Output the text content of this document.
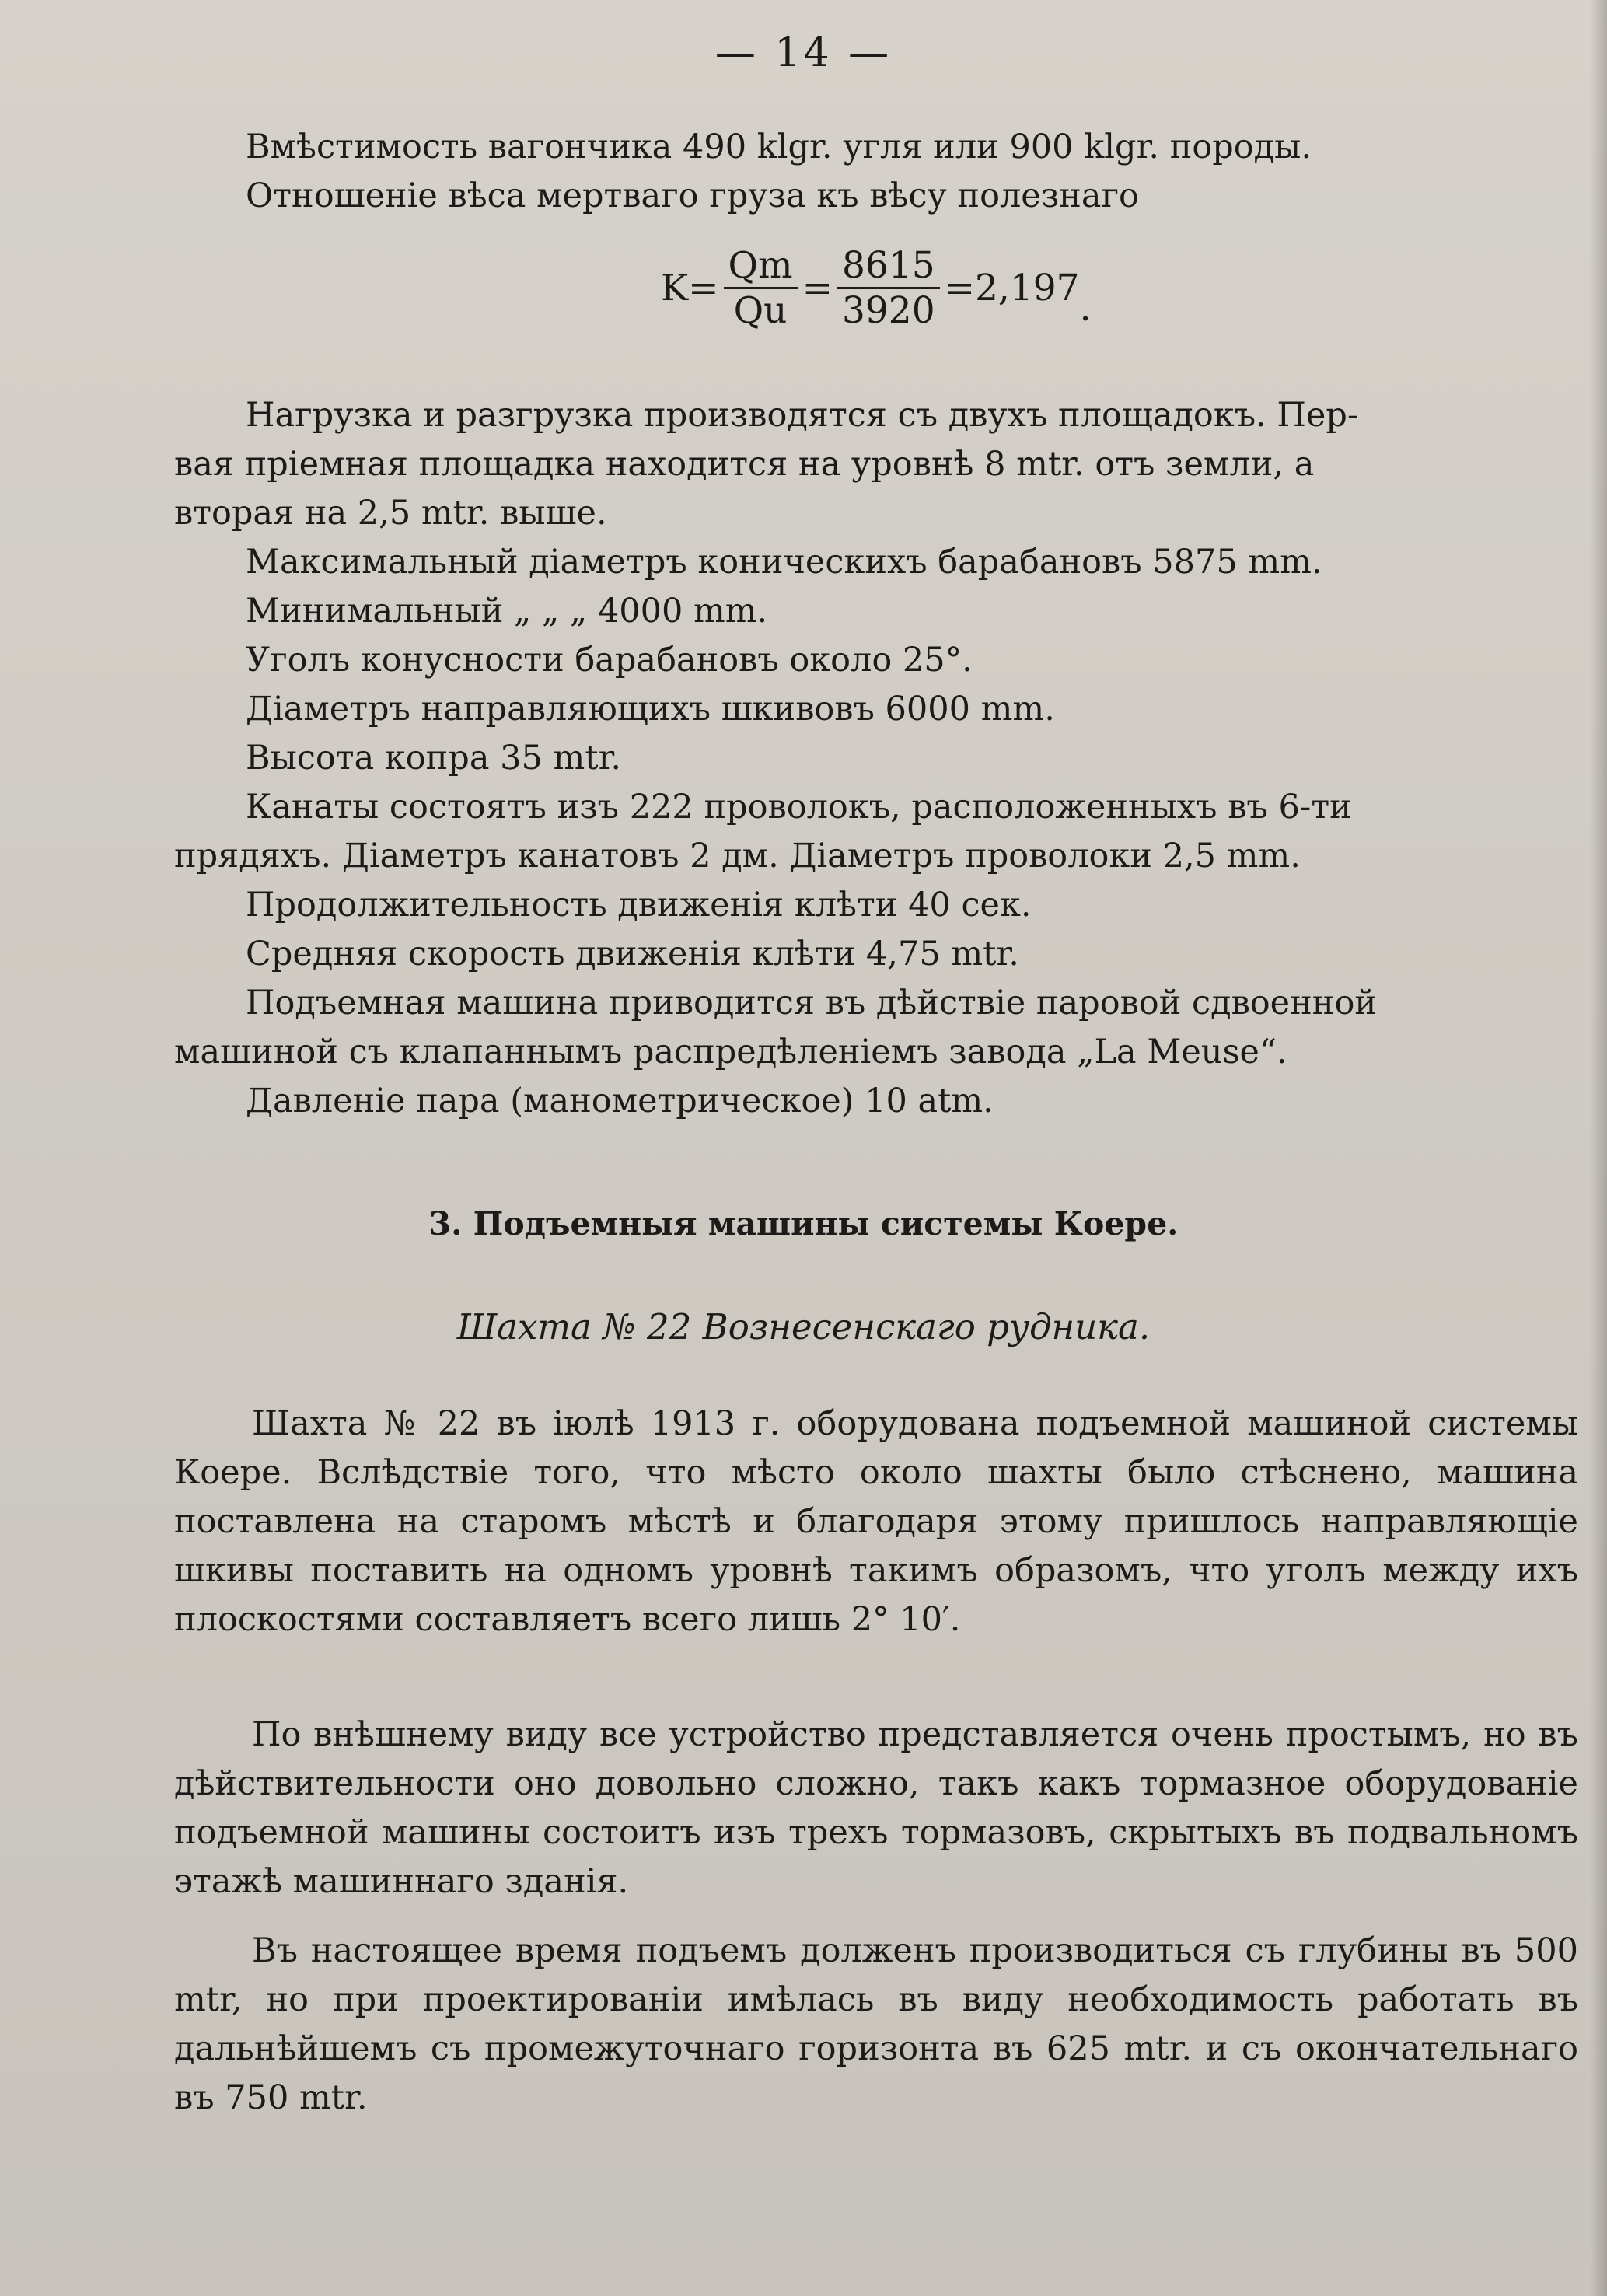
— 14 —
Вмѣстимость вагончика 490 klgr. угля или 900 klgr. породы.
Отношеніе вѣса мертваго груза къ вѣсу полезнаго
$K= \frac{Qm}{Qu} = \frac{8615}{3920} =2,197$.
Нагрузка и разгрузка производятся съ двухъ площадокъ. Пер-
вая пріемная площадка находится на уровнѣ 8 mtr. отъ земли, а
вторая на 2,5 mtr. выше.
Максимальный діаметръ коническихъ барабановъ 5875 mm.
Минимальный „ „ „ 4000 mm.
Уголъ конусности барабановъ около 25°.
Діаметръ направляющихъ шкивовъ 6000 mm.
Высота копра 35 mtr.
Канаты состоятъ изъ 222 проволокъ, расположенныхъ въ 6-ти
прядяхъ. Діаметръ канатовъ 2 дм. Діаметръ проволоки 2,5 mm.
Продолжительность движенія клѣти 40 сек.
Средняя скорость движенія клѣти 4,75 mtr.
Подъемная машина приводится въ дѣйствіе паровой сдвоенной
машиной съ клапаннымъ распредѣленіемъ завода „La Meuse“.
Давленіе пара (манометрическое) 10 atm.
3. Подъемныя машины системы Коере.
Шахта № 22 Вознесенскаго рудника.
Шахта № 22 въ іюлѣ 1913 г. оборудована подъемной машиной системы Коере. Вслѣдствіе того, что мѣсто около шахты было стѣснено, машина поставлена на старомъ мѣстѣ и благодаря этому пришлось направляющіе шкивы поставить на одномъ уровнѣ такимъ образомъ, что уголъ между ихъ плоскостями составляетъ всего лишь 2° 10′.
По внѣшнему виду все устройство представляется очень простымъ, но въ дѣйствительности оно довольно сложно, такъ какъ тормазное оборудованіе подъемной машины состоитъ изъ трехъ тормазовъ, скрытыхъ въ подвальномъ этажѣ машиннаго зданія.
Въ настоящее время подъемъ долженъ производиться съ глубины въ 500 mtr, но при проектированіи имѣлась въ виду необходимость работать въ дальнѣйшемъ съ промежуточнаго горизонта въ 625 mtr. и съ окончательнаго въ 750 mtr.
